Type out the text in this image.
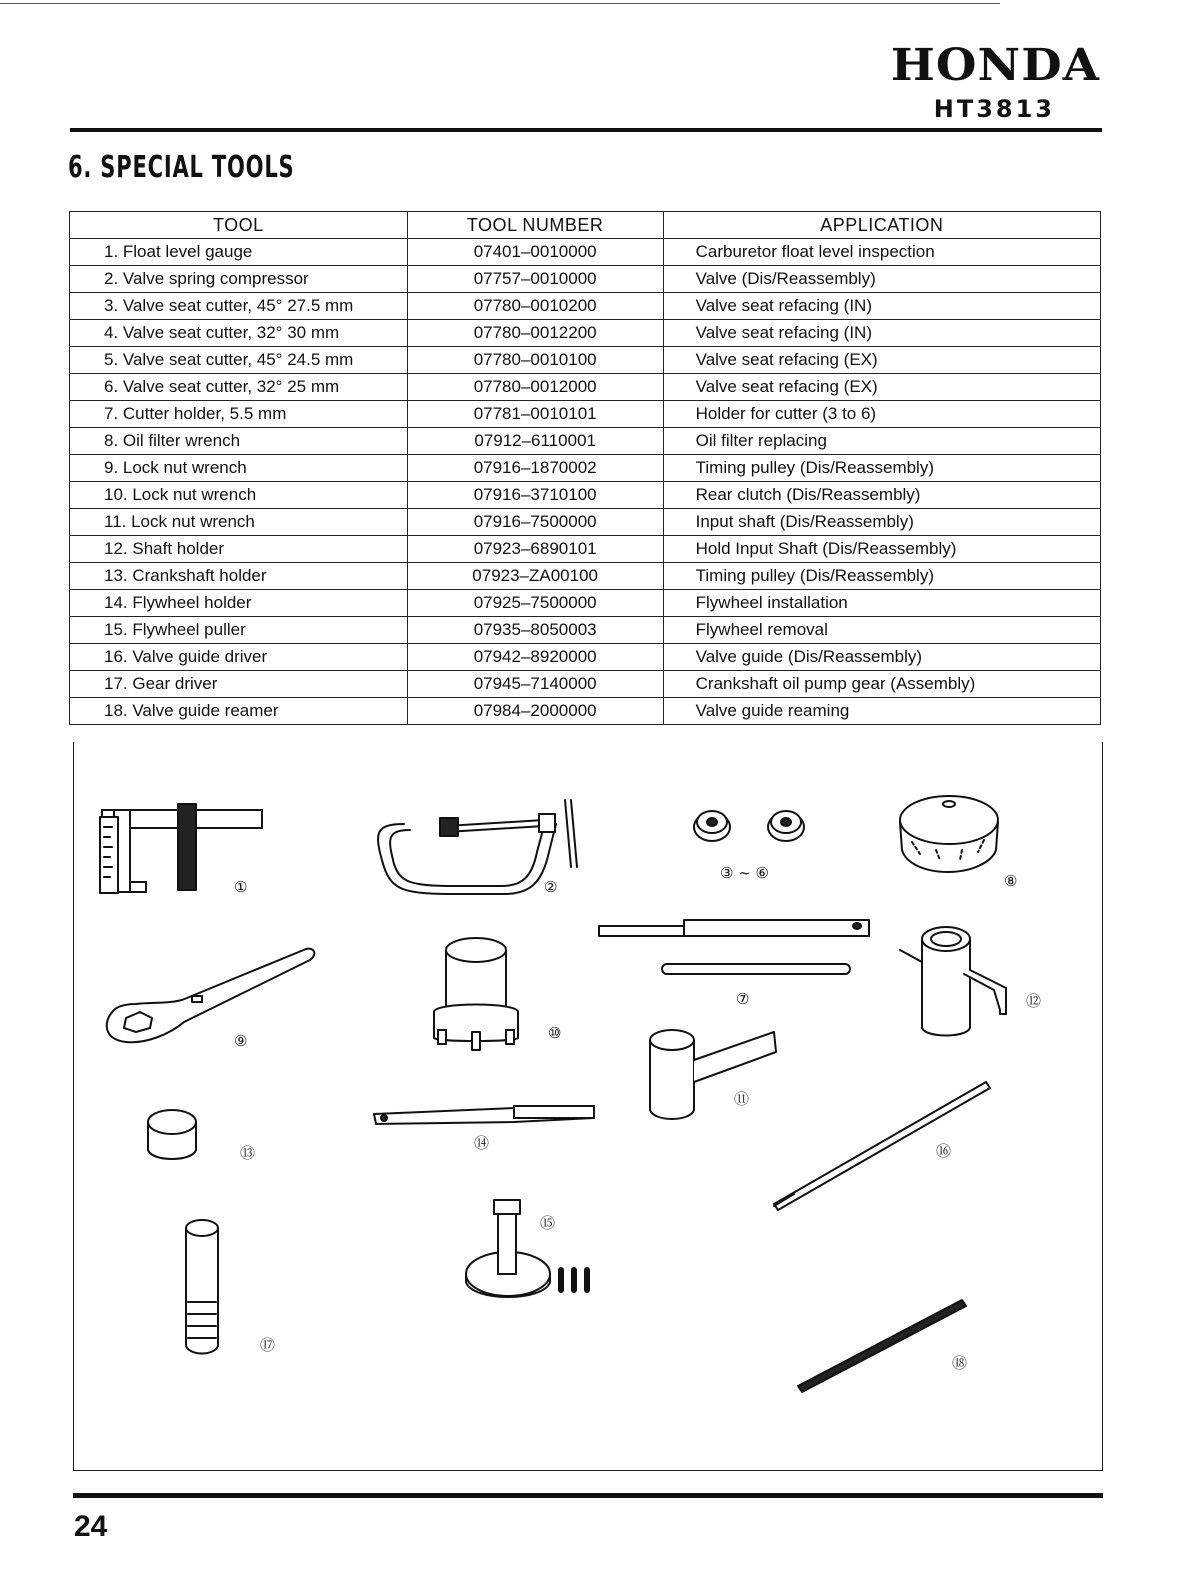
HONDA
HT3813
6. SPECIAL TOOLS
TOOL	TOOL NUMBER	APPLICATION
1. Float level gauge	07401–0010000	Carburetor float level inspection
2. Valve spring compressor	07757–0010000	Valve (Dis/Reassembly)
3. Valve seat cutter, 45° 27.5 mm	07780–0010200	Valve seat refacing (IN)
4. Valve seat cutter, 32° 30 mm	07780–0012200	Valve seat refacing (IN)
5. Valve seat cutter, 45° 24.5 mm	07780–0010100	Valve seat refacing (EX)
6. Valve seat cutter, 32° 25 mm	07780–0012000	Valve seat refacing (EX)
7. Cutter holder, 5.5 mm	07781–0010101	Holder for cutter (3 to 6)
8. Oil filter wrench	07912–6110001	Oil filter replacing
9. Lock nut wrench	07916–1870002	Timing pulley (Dis/Reassembly)
10. Lock nut wrench	07916–3710100	Rear clutch (Dis/Reassembly)
11. Lock nut wrench	07916–7500000	Input shaft (Dis/Reassembly)
12. Shaft holder	07923–6890101	Hold Input Shaft (Dis/Reassembly)
13. Crankshaft holder	07923–ZA00100	Timing pulley (Dis/Reassembly)
14. Flywheel holder	07925–7500000	Flywheel installation
15. Flywheel puller	07935–8050003	Flywheel removal
16. Valve guide driver	07942–8920000	Valve guide (Dis/Reassembly)
17. Gear driver	07945–7140000	Crankshaft oil pump gear (Assembly)
18. Valve guide reamer	07984–2000000	Valve guide reaming
①	②
③ ∼ ⑥	⑧
⑨	⑩
⑦
⑪
⑫
⑬
⑭	⑯
⑮
⑰
⑱
24
